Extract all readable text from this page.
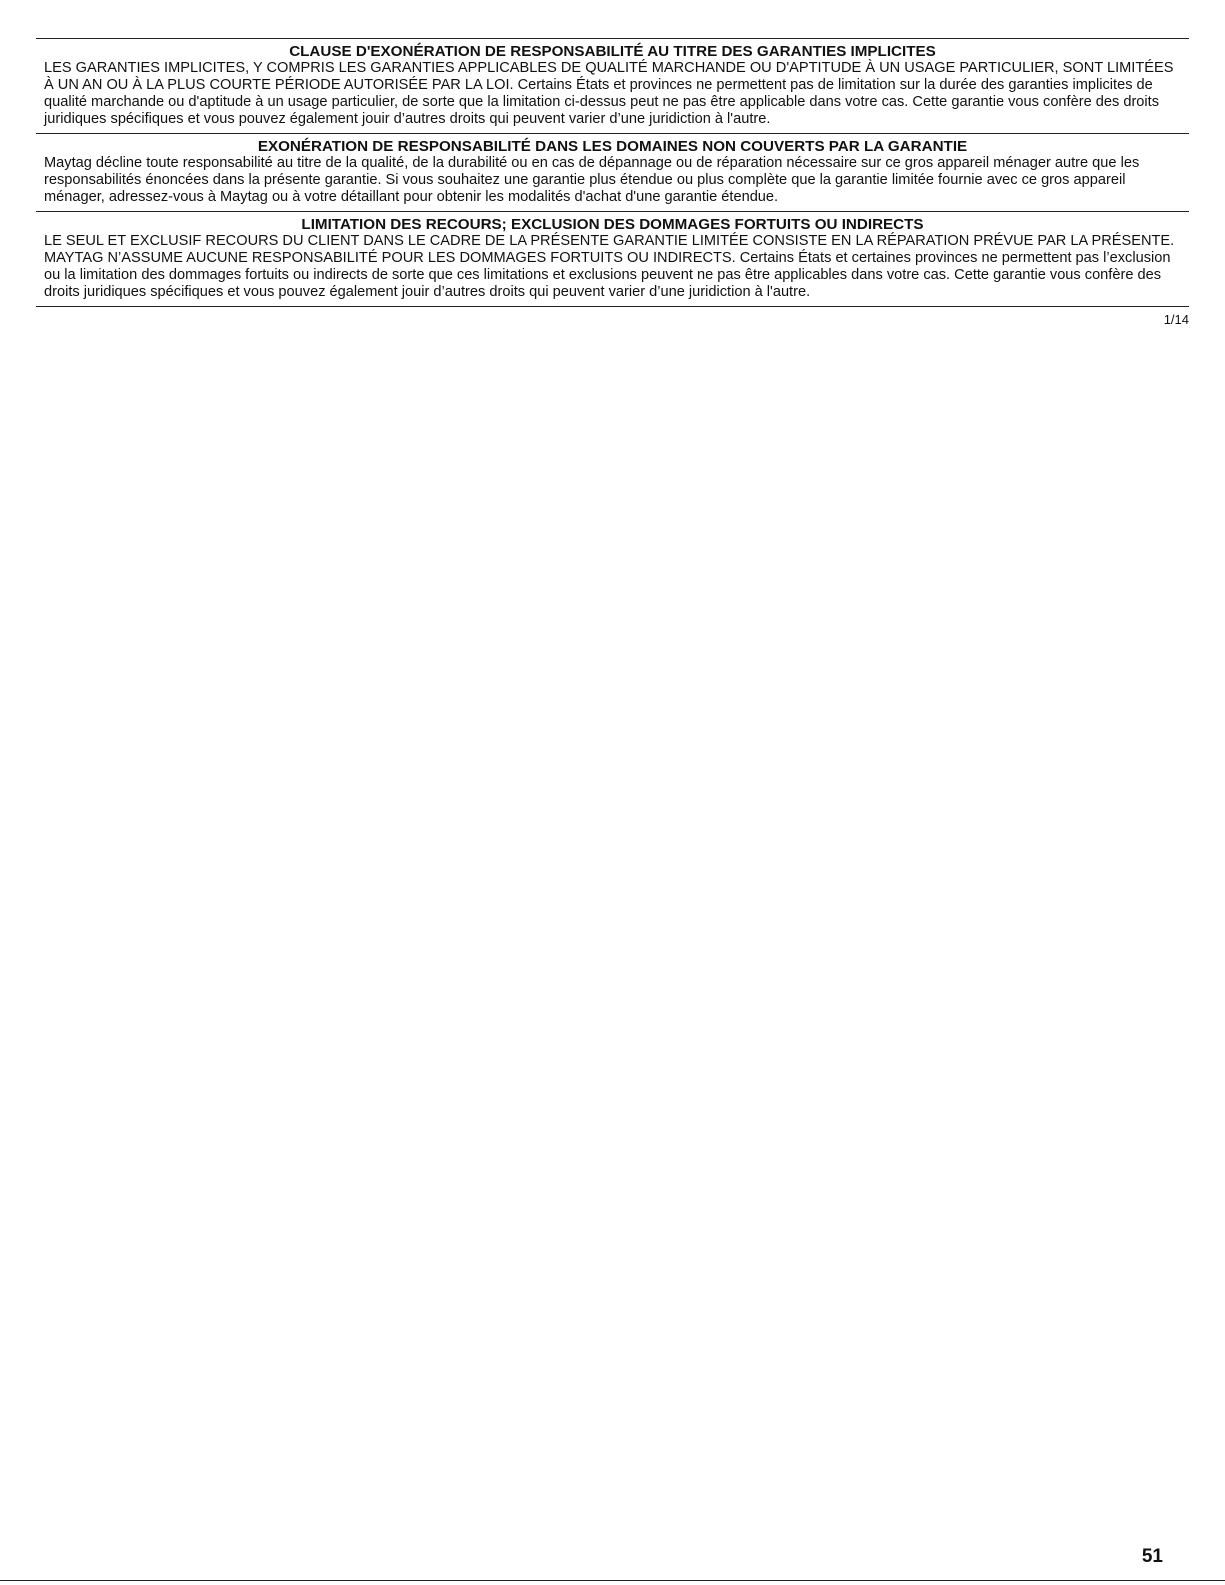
CLAUSE D'EXONÉRATION DE RESPONSABILITÉ AU TITRE DES GARANTIES IMPLICITES

LES GARANTIES IMPLICITES, Y COMPRIS LES GARANTIES APPLICABLES DE QUALITÉ MARCHANDE OU D'APTITUDE À UN USAGE PARTICULIER, SONT LIMITÉES À UN AN OU À LA PLUS COURTE PÉRIODE AUTORISÉE PAR LA LOI. Certains États et provinces ne permettent pas de limitation sur la durée des garanties implicites de qualité marchande ou d'aptitude à un usage particulier, de sorte que la limitation ci-dessus peut ne pas être applicable dans votre cas. Cette garantie vous confère des droits juridiques spécifiques et vous pouvez également jouir d’autres droits qui peuvent varier d’une juridiction à l'autre.

EXONÉRATION DE RESPONSABILITÉ DANS LES DOMAINES NON COUVERTS PAR LA GARANTIE

Maytag décline toute responsabilité au titre de la qualité, de la durabilité ou en cas de dépannage ou de réparation nécessaire sur ce gros appareil ménager autre que les responsabilités énoncées dans la présente garantie. Si vous souhaitez une garantie plus étendue ou plus complète que la garantie limitée fournie avec ce gros appareil ménager, adressez-vous à Maytag ou à votre détaillant pour obtenir les modalités d'achat d'une garantie étendue.

LIMITATION DES RECOURS; EXCLUSION DES DOMMAGES FORTUITS OU INDIRECTS

LE SEUL ET EXCLUSIF RECOURS DU CLIENT DANS LE CADRE DE LA PRÉSENTE GARANTIE LIMITÉE CONSISTE EN LA RÉPARATION PRÉVUE PAR LA PRÉSENTE. MAYTAG N’ASSUME AUCUNE RESPONSABILITÉ POUR LES DOMMAGES FORTUITS OU INDIRECTS. Certains États et certaines provinces ne permettent pas l’exclusion ou la limitation des dommages fortuits ou indirects de sorte que ces limitations et exclusions peuvent ne pas être applicables dans votre cas. Cette garantie vous confère des droits juridiques spécifiques et vous pouvez également jouir d’autres droits qui peuvent varier d’une juridiction à l'autre.

1/14
51
